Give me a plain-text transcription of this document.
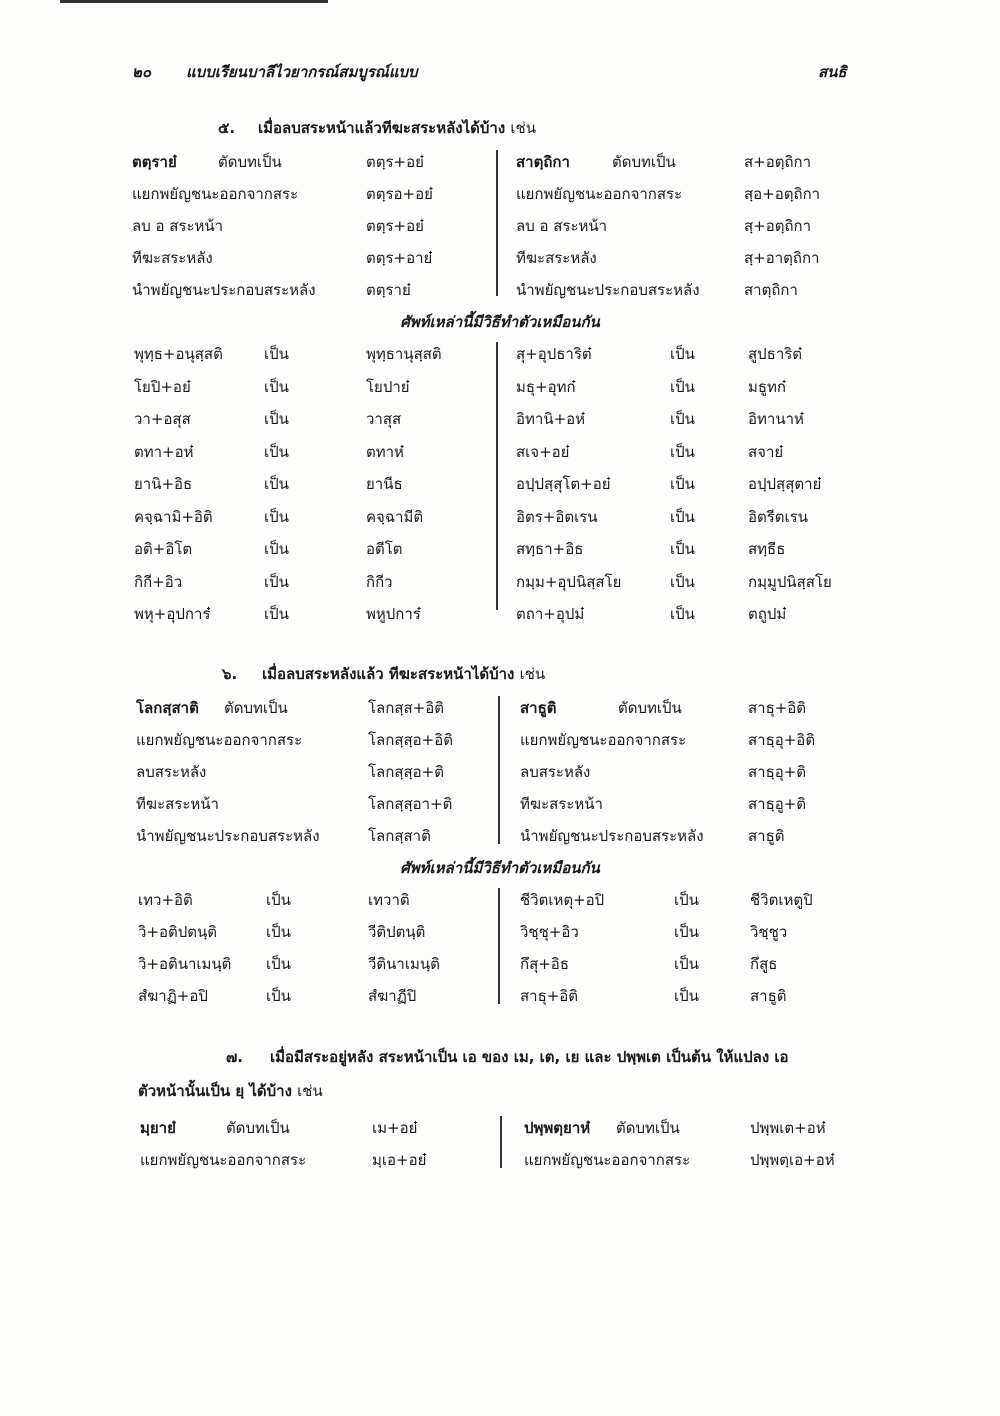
๒๐ แบบเรียนบาลีไวยากรณ์สมบูรณ์แบบ	สนธิ
๕. เมื่อลบสระหน้าแล้วทีฆะสระหลังได้บ้าง เช่น
ตตฺราย๋	ตัดบทเป็น	ตตฺร+อย๋
แยกพยัญชนะออกจากสระ	ตตฺรอ+อย๋
ลบ อ สระหน้า	ตตฺร+อย๋
ทีฆะสระหลัง	ตตฺร+อาย๋
นำพยัญชนะประกอบสระหลัง	ตตฺราย๋
สาตฺถิกา	ตัดบทเป็น	ส+อตฺถิกา
แยกพยัญชนะออกจากสระ	สฺอ+อตฺถิกา
ลบ อ สระหน้า	สฺ+อตฺถิกา
ทีฆะสระหลัง	สฺ+อาตฺถิกา
นำพยัญชนะประกอบสระหลัง	สาตฺถิกา
ศัพท์เหล่านี้มีวิธีทำตัวเหมือนกัน
พุทฺธ+อนุสฺสติ	เป็น	พุทฺธานุสฺสติ
โยปิ+อย๋	เป็น	โยปาย๋
วา+อสุส	เป็น	วาสุส
ตทา+อห๋	เป็น	ตทาห๋
ยานิ+อิธ	เป็น	ยานีธ
คจฺฉามิ+อิติ	เป็น	คจฺฉามีติ
อติ+อิโต	เป็น	อตีโต
กิกี+อิว	เป็น	กิกีว
พหุ+อุปการ๋	เป็น	พหูปการ๋
สุ+อุปธาริต๋	เป็น	สูปธาริต๋
มธุ+อุทก๋	เป็น	มธูทก๋
อิทานิ+อห๋	เป็น	อิทานาห๋
สเจ+อย๋	เป็น	สจาย๋
อปฺปสฺสุโต+อย๋	เป็น	อปฺปสฺสุตาย๋
อิตร+อิตเรน	เป็น	อิตรีตเรน
สทฺธา+อิธ	เป็น	สทฺธีธ
กมฺม+อุปนิสฺสโย	เป็น	กมฺมูปนิสฺสโย
ตถา+อุปม๋	เป็น	ตถูปม๋
๖. เมื่อลบสระหลังแล้ว ทีฆะสระหน้าได้บ้าง เช่น
โลกสฺสาติ ตัดบทเป็น	โลกสฺส+อิติ
แยกพยัญชนะออกจากสระ	โลกสฺสฺอ+อิติ
ลบสระหลัง	โลกสฺสฺอ+ติ
ทีฆะสระหน้า	โลกสฺสฺอา+ติ
นำพยัญชนะประกอบสระหลัง	โลกสฺสาติ
สาธูติ	ตัดบทเป็น	สาธุ+อิติ
แยกพยัญชนะออกจากสระ	สาธฺอุ+อิติ
ลบสระหลัง	สาธฺอุ+ติ
ทีฆะสระหน้า	สาธฺอู+ติ
นำพยัญชนะประกอบสระหลัง	สาธูติ
ศัพท์เหล่านี้มีวิธีทำตัวเหมือนกัน
เทว+อิติ	เป็น	เทวาติ
วิ+อติปตนฺติ	เป็น	วีติปตนฺติ
วิ+อตินาเมนฺติ เป็น	วีตินาเมนฺติ
สํฆาฏิ+อปิ	เป็น	สํฆาฏีปิ
ชีวิตเหตุ+อปิ	เป็น	ชีวิตเหตูปิ
วิชฺชุ+อิว	เป็น	วิชฺชูว
กึสุ+อิธ	เป็น	กึสูธ
สาธุ+อิติ	เป็น	สาธูติ
๗. เมื่อมีสระอยู่หลัง สระหน้าเป็น เอ ของ เม, เต, เย และ ปพฺพเต เป็นต้น ให้แปลง เอ
ตัวหน้านั้นเป็น ยฺ ได้บ้าง เช่น
มฺยาย๋	ตัดบทเป็น	เม+อย๋
แยกพยัญชนะออกจากสระ	มฺเอ+อย๋
ปพฺพตฺยาห๋ ตัดบทเป็น	ปพฺพเต+อห๋
แยกพยัญชนะออกจากสระ	ปพฺพตฺเอ+อห๋
